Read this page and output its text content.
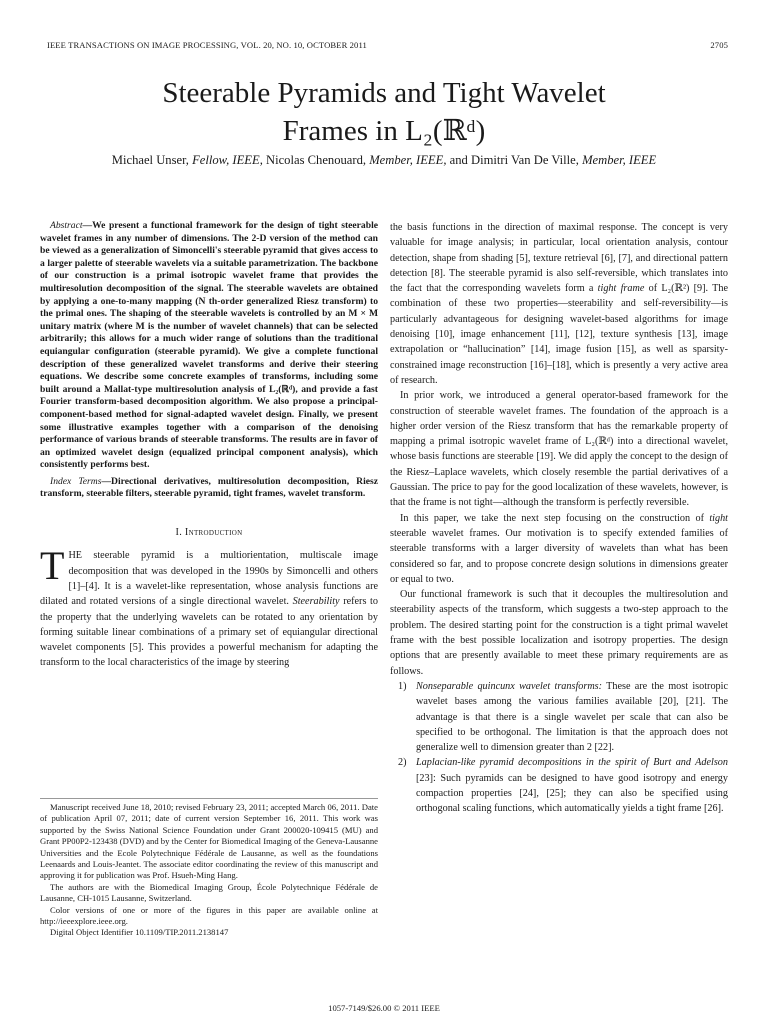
IEEE TRANSACTIONS ON IMAGE PROCESSING, VOL. 20, NO. 10, OCTOBER 2011	2705
Steerable Pyramids and Tight Wavelet
Frames in L₂(ℝᵈ)
Michael Unser, Fellow, IEEE, Nicolas Chenouard, Member, IEEE, and Dimitri Van De Ville, Member, IEEE

Abstract—We present a functional framework for the design of tight steerable wavelet frames in any number of dimensions. The 2-D version of the method can be viewed as a generalization of Simoncelli's steerable pyramid that gives access to a larger palette of steerable wavelets via a suitable parametrization. The backbone of our construction is a primal isotropic wavelet frame that provides the multiresolution decomposition of the signal. The steerable wavelets are obtained by applying a one-to-many mapping (N th-order generalized Riesz transform) to the primal ones. The shaping of the steerable wavelets is controlled by an M × M unitary matrix (where M is the number of wavelet channels) that can be selected arbitrarily; this allows for a much wider range of solutions than the traditional equiangular configuration (steerable pyramid). We give a complete functional description of these generalized wavelet transforms and derive their steering equations. We describe some concrete examples of transforms, including some built around a Mallat-type multiresolution analysis of L₂(ℝᵈ), and provide a fast Fourier transform-based decomposition algorithm. We also propose a principal-component-based method for signal-adapted wavelet design. Finally, we present some illustrative examples together with a comparison of the denoising performance of various brands of steerable transforms. The results are in favor of an optimized wavelet design (equalized principal component analysis), which consistently performs best.

Index Terms—Directional derivatives, multiresolution decomposition, Riesz transform, steerable filters, steerable pyramid, tight frames, wavelet transform.

I. Introduction

THE steerable pyramid is a multiorientation, multiscale image decomposition that was developed in the 1990s by Simoncelli and others [1]–[4]. It is a wavelet-like representation, whose analysis functions are dilated and rotated versions of a single directional wavelet. Steerability refers to the property that the underlying wavelets can be rotated to any orientation by forming suitable linear combinations of a primary set of equiangular directional wavelet components [5]. This provides a powerful mechanism for adapting the transform to the local characteristics of the image by steering

Manuscript received June 18, 2010; revised February 23, 2011; accepted March 06, 2011. Date of publication April 07, 2011; date of current version September 16, 2011. This work was supported by the Swiss National Science Foundation under Grant 200020-109415 (MU) and Grant PP00P2-123438 (DVD) and by the Center for Biomedical Imaging of the Geneva-Lausanne Universities and the Ecole Polytechnique Fédérale de Lausanne, as well as the foundations Leenaards and Louis-Jeantet. The associate editor coordinating the review of this manuscript and approving it for publication was Prof. Hsueh-Ming Hang.

The authors are with the Biomedical Imaging Group, École Polytechnique Fédérale de Lausanne, CH-1015 Lausanne, Switzerland.

Color versions of one or more of the figures in this paper are available online at http://ieeexplore.ieee.org.

Digital Object Identifier 10.1109/TIP.2011.2138147

the basis functions in the direction of maximal response. The concept is very valuable for image analysis; in particular, local orientation analysis, contour detection, shape from shading [5], texture retrieval [6], [7], and directional pattern detection [8]. The steerable pyramid is also self-reversible, which translates into the fact that the corresponding wavelets form a tight frame of L₂(ℝ²) [9]. The combination of these two properties—steerability and self-reversibility—is particularly advantageous for designing wavelet-based algorithms for image denoising [10], image enhancement [11], [12], texture synthesis [13], image extrapolation or “hallucination” [14], image fusion [15], as well as sparsity-constrained image reconstruction [16]–[18], which is presently a very active area of research.

In prior work, we introduced a general operator-based framework for the construction of steerable wavelet frames. The foundation of the approach is a higher order version of the Riesz transform that has the remarkable property of mapping a primal isotropic wavelet frame of L₂(ℝᵈ) into a directional wavelet, whose basis functions are steerable [19]. We did apply the concept to the design of the Riesz–Laplace wavelets, which closely resemble the partial derivatives of a Gaussian. The price to pay for the good localization of these wavelets, however, is that the frame is not tight—although the transform is perfectly reversible.

In this paper, we take the next step focusing on the construction of tight steerable wavelet frames. Our motivation is to specify extended families of steerable transforms with a larger diversity of wavelets than what has been considered so far, and to propose concrete design solutions in dimensions greater or equal to two.

Our functional framework is such that it decouples the multiresolution and steerability aspects of the transform, which suggests a two-step approach to the problem. The desired starting point for the construction is a tight primal wavelet frame with the best possible localization and isotropy properties. The design options that are presently available to meet these primary requirements are as follows.

1) Nonseparable quincunx wavelet transforms: These are the most isotropic wavelet bases among the various families available [20], [21]. The advantage is that there is a single wavelet per scale that can also be specified to be orthogonal. The limitation is that the approach does not generalize well to dimension greater than 2 [22].
2) Laplacian-like pyramid decompositions in the spirit of Burt and Adelson [23]: Such pyramids can be designed to have good isotropy and energy compaction properties [24], [25]; they can also be specified using orthogonal scaling functions, which automatically yields a tight frame [26].
1057-7149/$26.00 © 2011 IEEE
